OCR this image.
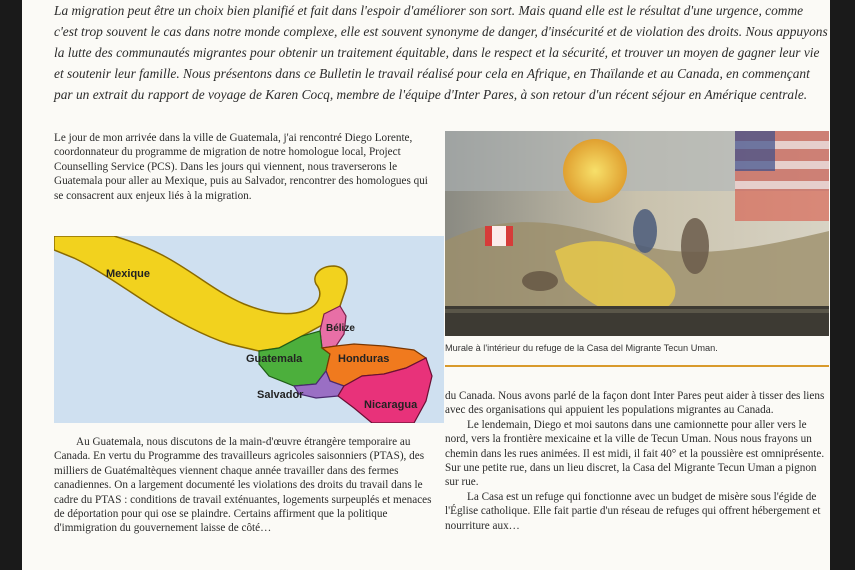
La migration peut être un choix bien planifié et fait dans l'espoir d'améliorer son sort. Mais quand elle est le résultat d'une urgence, comme c'est trop souvent le cas dans notre monde complexe, elle est souvent synonyme de danger, d'insécurité et de violation des droits. Nous appuyons la lutte des communautés migrantes pour obtenir un traitement équitable, dans le respect et la sécurité, et trouver un moyen de gagner leur vie et soutenir leur famille. Nous présentons dans ce Bulletin le travail réalisé pour cela en Afrique, en Thaïlande et au Canada, en commençant par un extrait du rapport de voyage de Karen Cocq, membre de l'équipe d'Inter Pares, à son retour d'un récent séjour en Amérique centrale.

Le jour de mon arrivée dans la ville de Guatemala, j'ai rencontré Diego Lorente, coordonnateur du programme de migration de notre homologue local, Project Counselling Service (PCS). Dans les jours qui viennent, nous traverserons le Guatemala pour aller au Mexique, puis au Salvador, rencontrer des homologues qui se consacrent aux enjeux liés à la migration.

Mexique
Bélize
Guatemala	Honduras
Salvador
Nicaragua

Au Guatemala, nous discutons de la main-d'œuvre étrangère temporaire au Canada. En vertu du Programme des travailleurs agricoles saisonniers (PTAS), des milliers de Guatémaltèques viennent chaque année travailler dans des fermes canadiennes. On a largement documenté les violations des droits du travail dans le cadre du PTAS : conditions de travail exténuantes, logements surpeuplés et menaces de déportation pour qui ose se plaindre. Certains affirment que la politique d'immigration du gouvernement laisse de côté…

Murale à l'intérieur du refuge de la Casa del Migrante Tecun Uman.

du Canada. Nous avons parlé de la façon dont Inter Pares peut aider à tisser des liens avec des organisations qui appuient les populations migrantes au Canada.

Le lendemain, Diego et moi sautons dans une camionnette pour aller vers le nord, vers la frontière mexicaine et la ville de Tecun Uman. Nous nous frayons un chemin dans les rues animées. Il est midi, il fait 40° et la poussière est omniprésente. Sur une petite rue, dans un lieu discret, la Casa del Migrante Tecun Uman a pignon sur rue.

La Casa est un refuge qui fonctionne avec un budget de misère sous l'égide de l'Église catholique. Elle fait partie d'un réseau de refuges qui offrent hébergement et nourriture aux…
